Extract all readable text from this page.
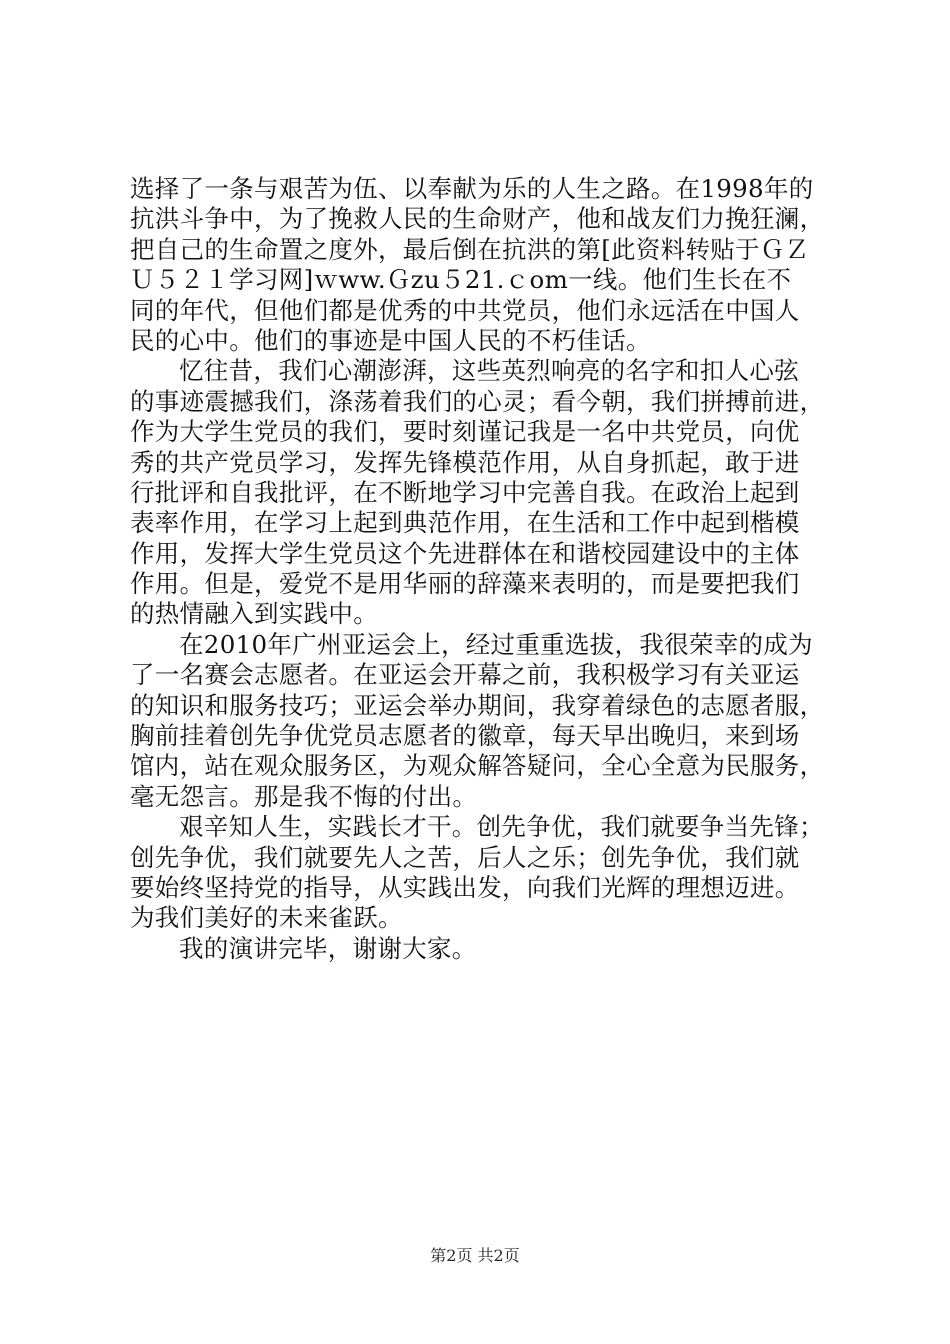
选择了一条与艰苦为伍、以奉献为乐的人生之路。在1998年的
抗洪斗争中，为了挽救人民的生命财产，他和战友们力挽狂澜，
把自己的生命置之度外，最后倒在抗洪的第[此资料转贴于ＧＺ
Ｕ５２１学习网]ｗww.Ｇzu５21.ｃom一线。他们生长在不
同的年代，但他们都是优秀的中共党员，他们永远活在中国人
民的心中。他们的事迹是中国人民的不朽佳话。
忆往昔，我们心潮澎湃，这些英烈响亮的名字和扣人心弦
的事迹震撼我们，涤荡着我们的心灵；看今朝，我们拼搏前进，
作为大学生党员的我们，要时刻谨记我是一名中共党员，向优
秀的共产党员学习，发挥先锋模范作用，从自身抓起，敢于进
行批评和自我批评，在不断地学习中完善自我。在政治上起到
表率作用，在学习上起到典范作用，在生活和工作中起到楷模
作用，发挥大学生党员这个先进群体在和谐校园建设中的主体
作用。但是，爱党不是用华丽的辞藻来表明的，而是要把我们
的热情融入到实践中。
在2010年广州亚运会上，经过重重选拔，我很荣幸的成为
了一名赛会志愿者。在亚运会开幕之前，我积极学习有关亚运
的知识和服务技巧；亚运会举办期间，我穿着绿色的志愿者服，
胸前挂着创先争优党员志愿者的徽章，每天早出晚归，来到场
馆内，站在观众服务区，为观众解答疑问，全心全意为民服务，
毫无怨言。那是我不悔的付出。
艰辛知人生，实践长才干。创先争优，我们就要争当先锋；
创先争优，我们就要先人之苦，后人之乐；创先争优，我们就
要始终坚持党的指导，从实践出发，向我们光辉的理想迈进。
为我们美好的未来雀跃。
我的演讲完毕，谢谢大家。
第2页 共2页
